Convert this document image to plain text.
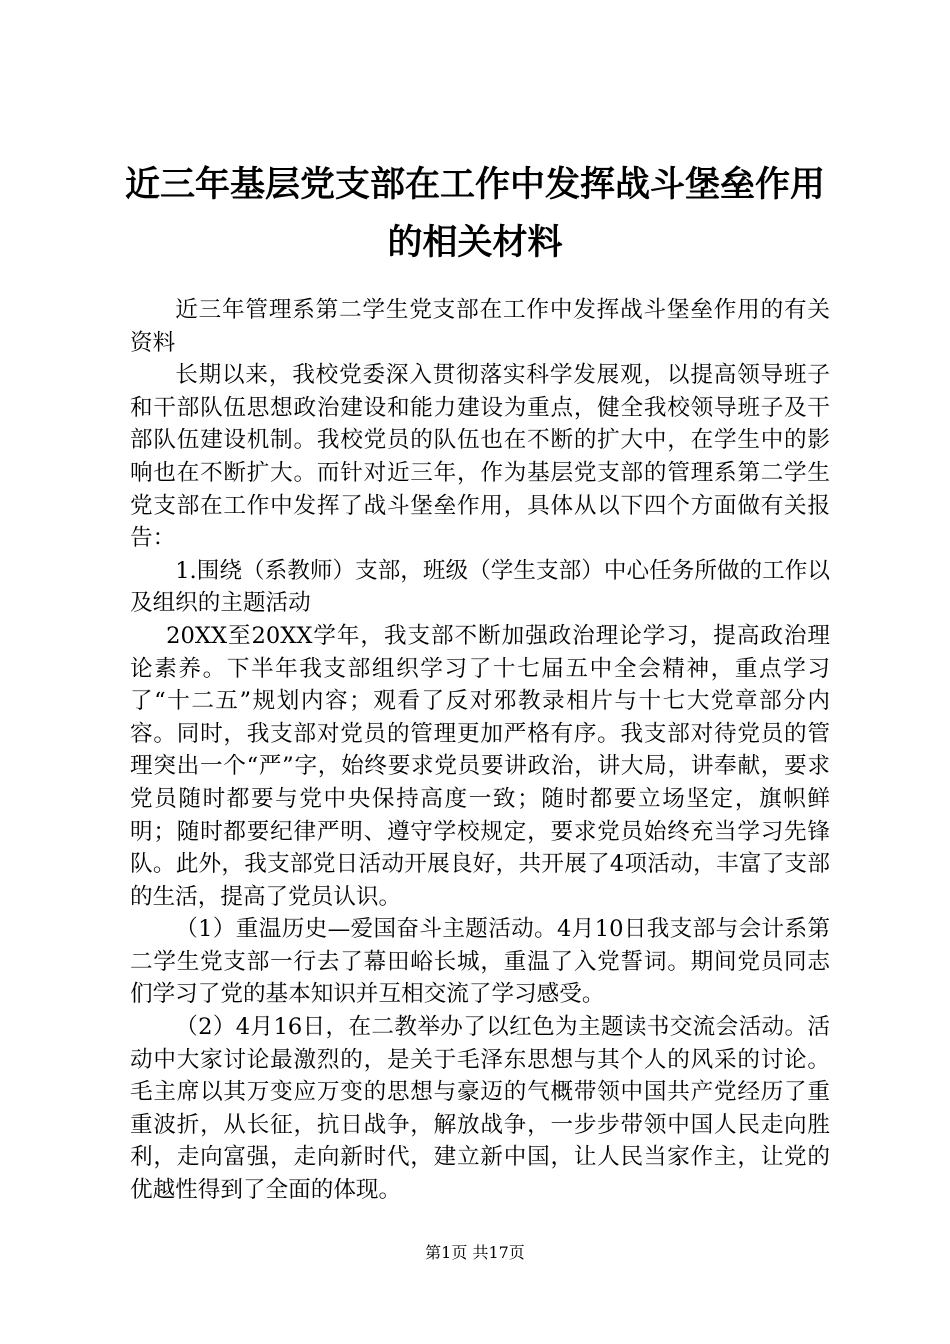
近三年基层党支部在工作中发挥战斗堡垒作用
的相关材料

近三年管理系第二学生党支部在工作中发挥战斗堡垒作用的有关资料

长期以来，我校党委深入贯彻落实科学发展观，以提高领导班子和干部队伍思想政治建设和能力建设为重点，健全我校领导班子及干部队伍建设机制。我校党员的队伍也在不断的扩大中，在学生中的影响也在不断扩大。而针对近三年，作为基层党支部的管理系第二学生党支部在工作中发挥了战斗堡垒作用，具体从以下四个方面做有关报告：

1.围绕（系教师）支部，班级（学生支部）中心任务所做的工作以及组织的主题活动

20XX至20XX学年，我支部不断加强政治理论学习，提高政治理论素养。下半年我支部组织学习了十七届五中全会精神，重点学习了“十二五”规划内容；观看了反对邪教录相片与十七大党章部分内容。同时，我支部对党员的管理更加严格有序。我支部对待党员的管理突出一个“严”字，始终要求党员要讲政治，讲大局，讲奉献，要求党员随时都要与党中央保持高度一致；随时都要立场坚定，旗帜鲜明；随时都要纪律严明、遵守学校规定，要求党员始终充当学习先锋队。此外，我支部党日活动开展良好，共开展了4项活动，丰富了支部的生活，提高了党员认识。

（1）重温历史—爱国奋斗主题活动。4月10日我支部与会计系第二学生党支部一行去了幕田峪长城，重温了入党誓词。期间党员同志们学习了党的基本知识并互相交流了学习感受。

（2）4月16日，在二教举办了以红色为主题读书交流会活动。活动中大家讨论最激烈的，是关于毛泽东思想与其个人的风采的讨论。毛主席以其万变应万变的思想与豪迈的气概带领中国共产党经历了重重波折，从长征，抗日战争，解放战争，一步步带领中国人民走向胜利，走向富强，走向新时代，建立新中国，让人民当家作主，让党的优越性得到了全面的体现。

第1页 共17页
